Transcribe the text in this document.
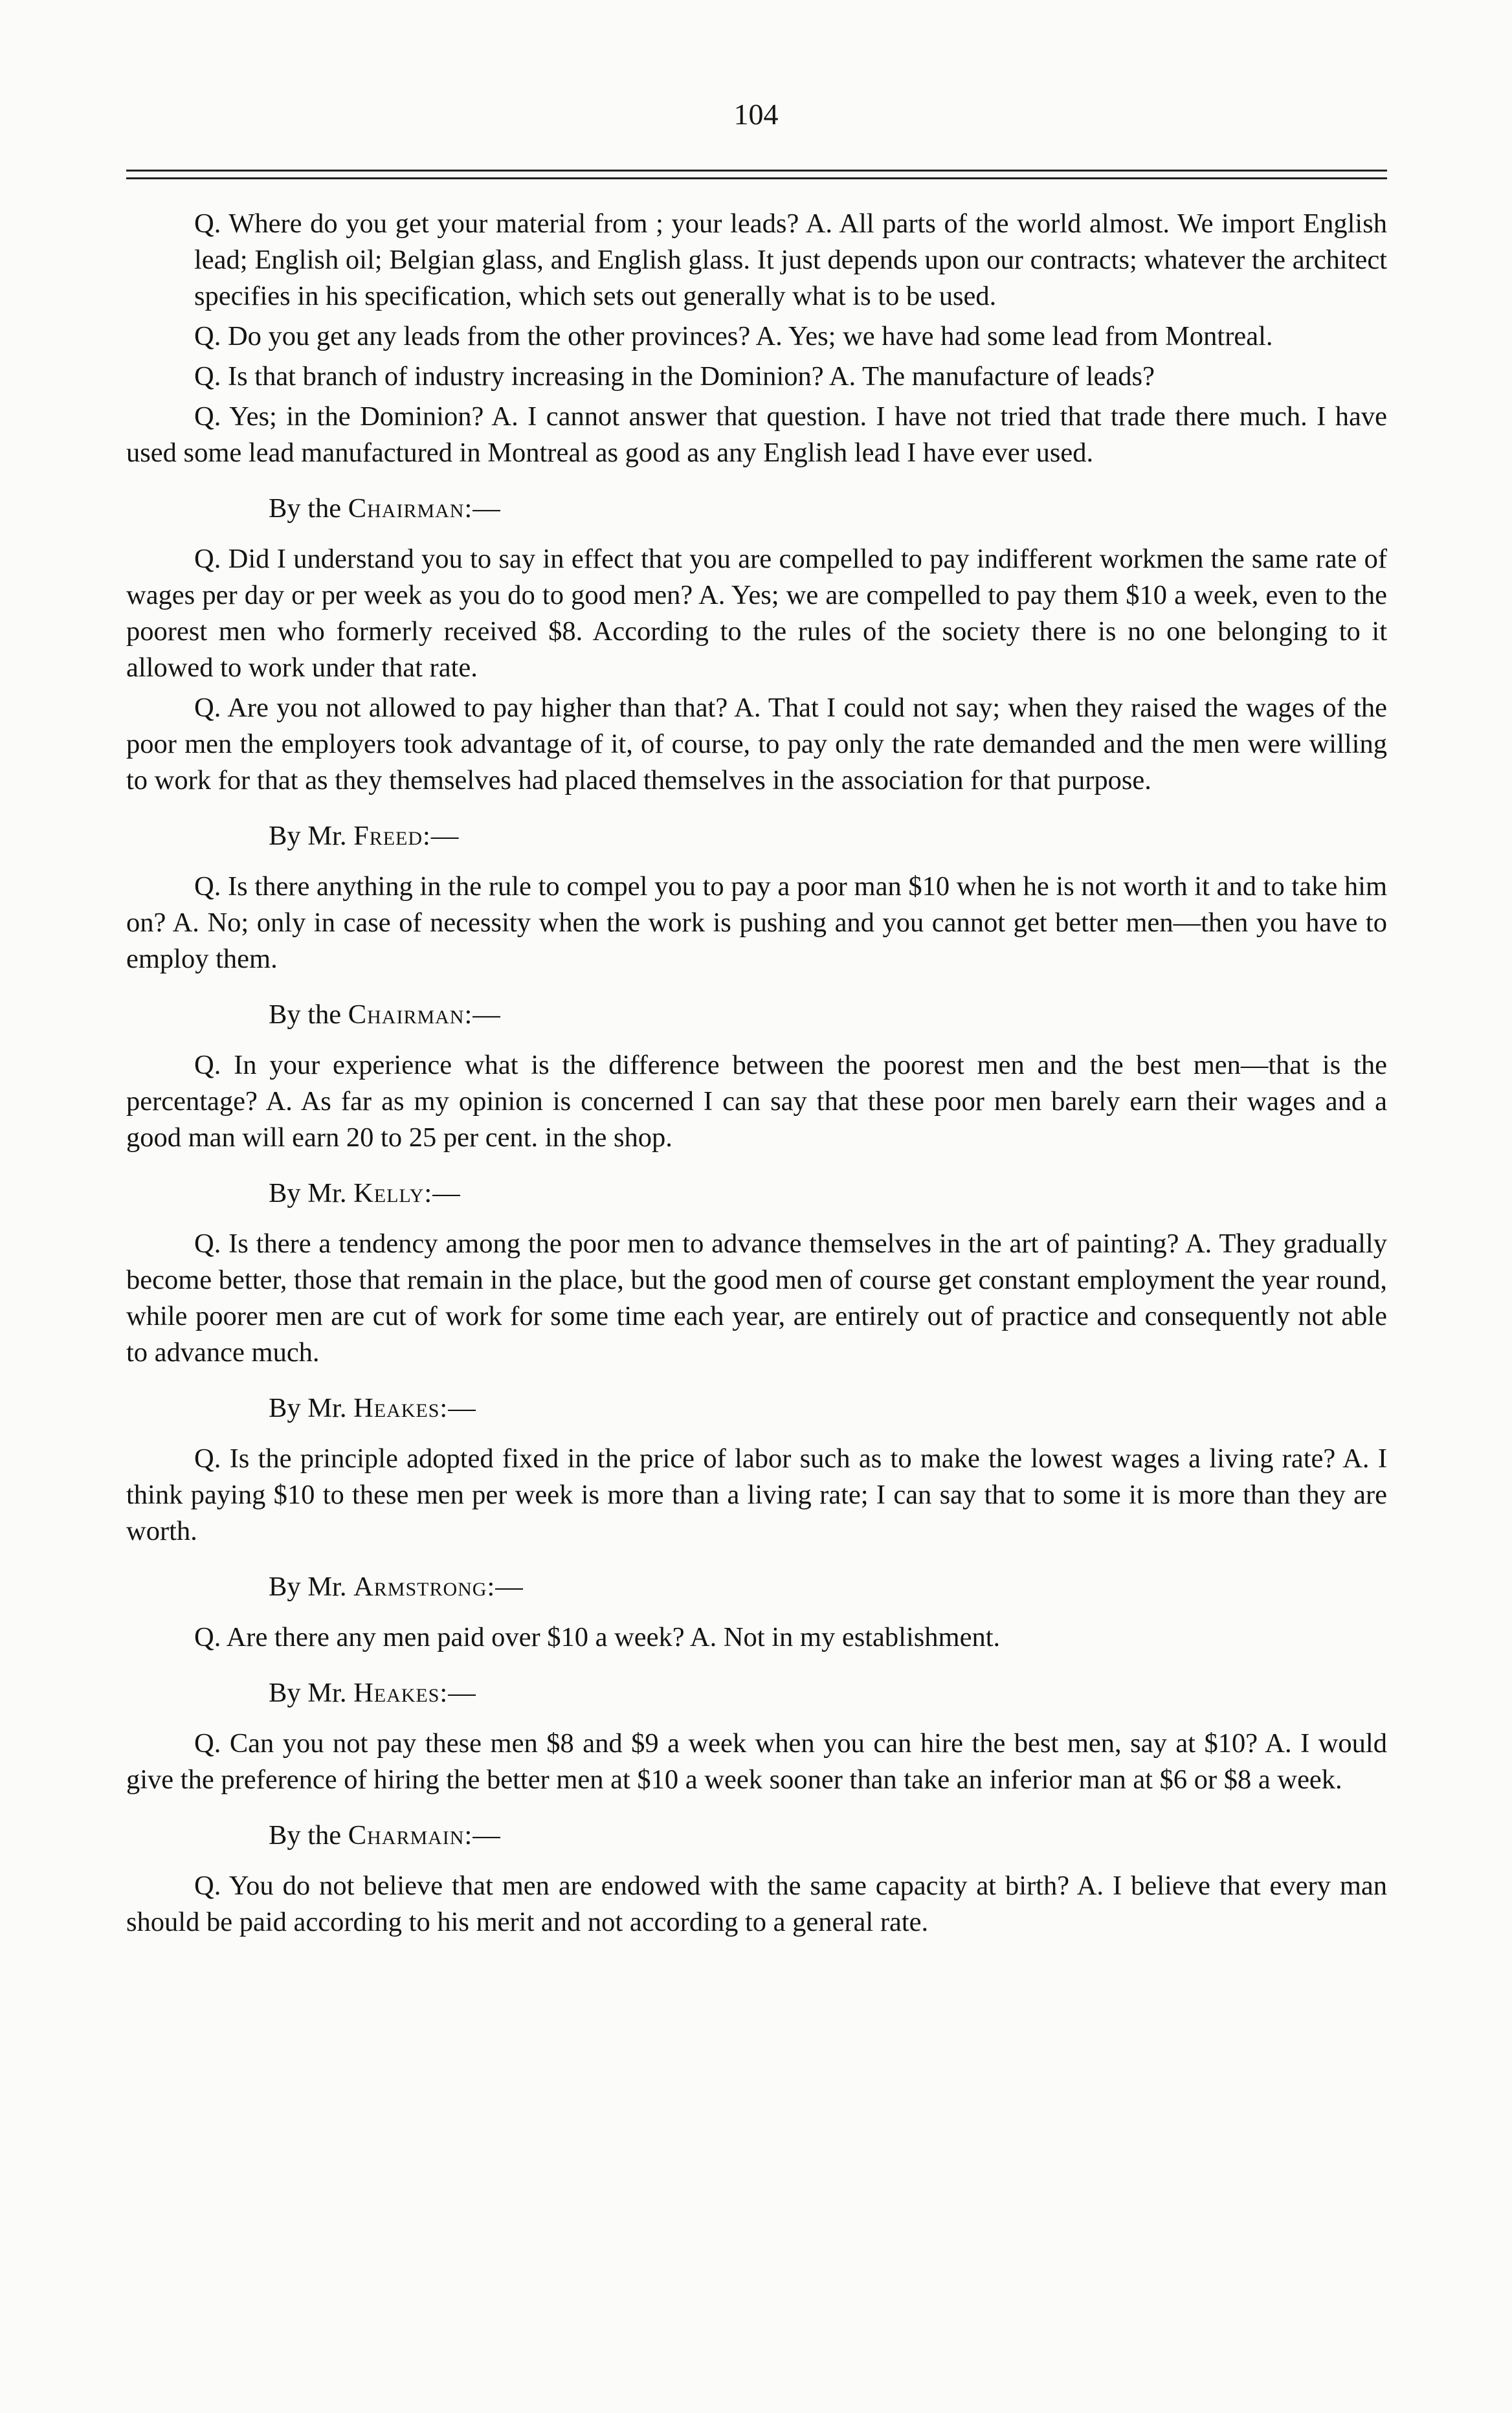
104

Q. Where do you get your material from ; your leads? A. All parts of the world almost. We import English lead; English oil; Belgian glass, and English glass. It just depends upon our contracts; whatever the architect specifies in his specification, which sets out generally what is to be used.

Q. Do you get any leads from the other provinces? A. Yes; we have had some lead from Montreal.

Q. Is that branch of industry increasing in the Dominion? A. The manufacture of leads?

Q. Yes; in the Dominion? A. I cannot answer that question. I have not tried that trade there much. I have used some lead manufactured in Montreal as good as any English lead I have ever used.

By the Chairman:—

Q. Did I understand you to say in effect that you are compelled to pay indifferent workmen the same rate of wages per day or per week as you do to good men? A. Yes; we are compelled to pay them $10 a week, even to the poorest men who formerly received $8. According to the rules of the society there is no one belonging to it allowed to work under that rate.

Q. Are you not allowed to pay higher than that? A. That I could not say; when they raised the wages of the poor men the employers took advantage of it, of course, to pay only the rate demanded and the men were willing to work for that as they themselves had placed themselves in the association for that purpose.

By Mr. Freed:—

Q. Is there anything in the rule to compel you to pay a poor man $10 when he is not worth it and to take him on? A. No; only in case of necessity when the work is pushing and you cannot get better men—then you have to employ them.

By the Chairman:—

Q. In your experience what is the difference between the poorest men and the best men—that is the percentage? A. As far as my opinion is concerned I can say that these poor men barely earn their wages and a good man will earn 20 to 25 per cent. in the shop.

By Mr. Kelly:—

Q. Is there a tendency among the poor men to advance themselves in the art of painting? A. They gradually become better, those that remain in the place, but the good men of course get constant employment the year round, while poorer men are cut of work for some time each year, are entirely out of practice and consequently not able to advance much.

By Mr. Heakes:—

Q. Is the principle adopted fixed in the price of labor such as to make the lowest wages a living rate? A. I think paying $10 to these men per week is more than a living rate; I can say that to some it is more than they are worth.

By Mr. Armstrong:—

Q. Are there any men paid over $10 a week? A. Not in my establishment.

By Mr. Heakes:—

Q. Can you not pay these men $8 and $9 a week when you can hire the best men, say at $10? A. I would give the preference of hiring the better men at $10 a week sooner than take an inferior man at $6 or $8 a week.

By the Charmain:—

Q. You do not believe that men are endowed with the same capacity at birth? A. I believe that every man should be paid according to his merit and not according to a general rate.
